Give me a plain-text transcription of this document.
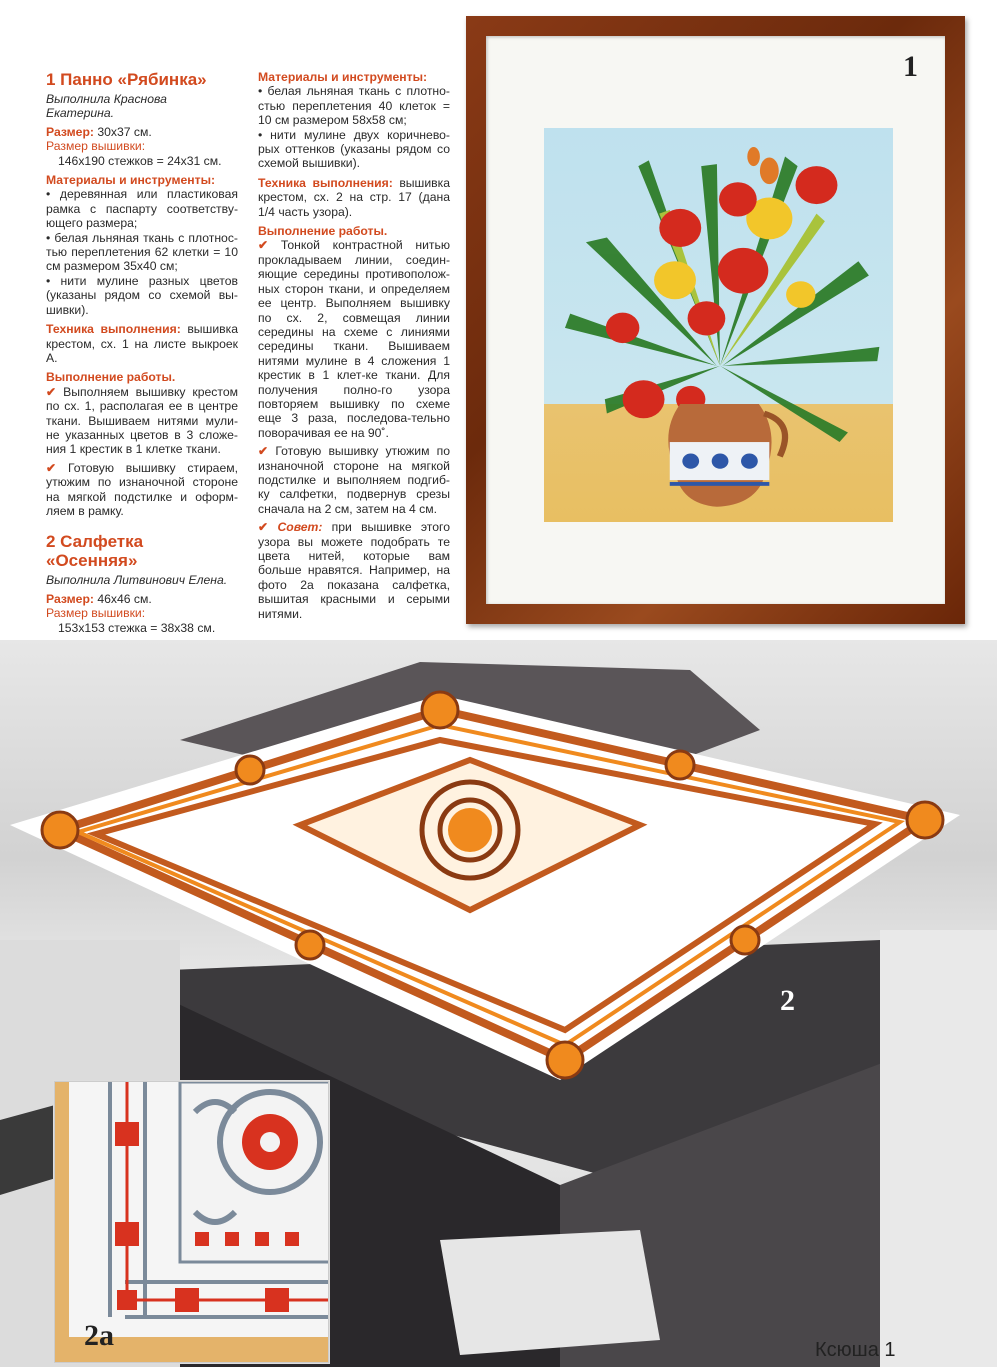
1 Панно «Рябинка»
Выполнила Краснова Екатерина.
Размер: 30х37 см.
Размер вышивки:
146х190 стежков = 24х31 см.
Материалы и инструменты:
• деревянная или пластиковая рамка с паспарту соответству-ющего размера;
• белая льняная ткань с плотнос-тью переплетения 62 клетки = 10 см размером 35х40 см;
• нити мулине разных цветов (указаны рядом со схемой вы-шивки).
Техника выполнения: вышивка крестом, сх. 1 на листе выкроек А.
Выполнение работы.
✔ Выполняем вышивку крестом по сх. 1, располагая ее в центре ткани. Вышиваем нитями мули-не указанных цветов в 3 сложе-ния 1 крестик в 1 клетке ткани.
✔ Готовую вышивку стираем, утюжим по изнаночной стороне на мягкой подстилке и оформ-ляем в рамку.
2 Салфетка «Осенняя»
Выполнила Литвинович Елена.
Размер: 46х46 см.
Размер вышивки:
153х153 стежка = 38х38 см.
Материалы и инструменты:
• белая льняная ткань с плотно-стью переплетения 40 клеток = 10 см размером 58х58 см;
• нити мулине двух коричнево-рых оттенков (указаны рядом со схемой вышивки).
Техника выполнения: вышивка крестом, сх. 2 на стр. 17 (дана 1/4 часть узора).
Выполнение работы.
✔ Тонкой контрастной нитью прокладываем линии, соедин-яющие середины противополож-ных сторон ткани, и определяем ее центр. Выполняем вышивку по сх. 2, совмещая линии середины на схеме с линиями середины ткани. Вышиваем нитями мулине в 4 сложения 1 крестик в 1 клет-ке ткани. Для получения полно-го узора повторяем вышивку по схеме еще 3 раза, последова-тельно поворачивая ее на 90˚.
✔ Готовую вышивку утюжим по изнаночной стороне на мягкой подстилке и выполняем подгиб-ку салфетки, подвернув срезы сначала на 2 см, затем на 4 см.
✔ Совет: при вышивке этого узора вы можете подобрать те цвета нитей, которые вам больше нравятся. Например, на фото 2а показана салфетка, вышитая красными и серыми нитями.
1
2
2а	Ксюша 1
